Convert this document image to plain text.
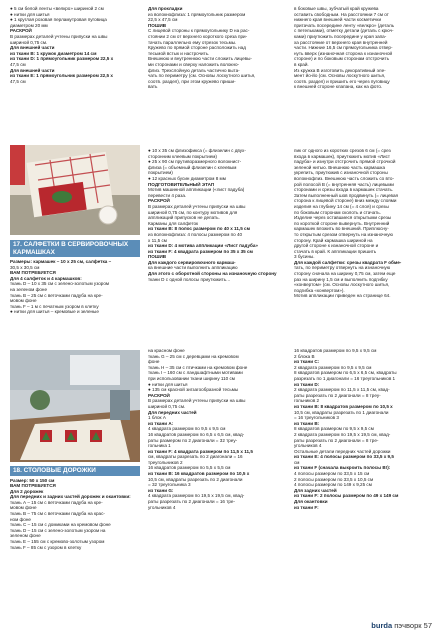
● 5 см белой ленты «велкро» шириной 2 см
● нитки для шитья
● 1 круглая розовая перламутровая пуговица
диаметром 20 мм
РАСКРОЙ
В размерах деталей учтены припуски на швы
шириной 0,75 см.
Для внешней части
из ткани В: 1 кружок диаметром 14 см
из ткани D: 1 прямоугольник размером 22,5 х
47,5 см
Для внешней части
из ткани E: 1 прямоугольник размером 22,5 х
47,5 см
Для прокладки
из волокнофлиза: 1 прямоугольник размером
22,5 х 47,5 см
ПОШИВ
С лицевой стороны к прямоугольнику D на рас-
стоянии 2 см от верхнего короткого среза при-
тачать параллельно ему отрезок тесьмы.
Кружево по прямой стороне расположить над
тесьмой встык и настрочить.
Внешнюю и внутреннюю части сложить лицевы-
ми сторонами и сверху наложить волокно-
флиз. Трехслойную деталь частично выта-
чать по периметру (см. Основы лоскутного шитья,
соотв. раздел), при этом кружево приши-
вать
в боковые швы, зубчатый край кружева
оставить свободным. На расстоянии 7 см от
нижнего края внешней части косметички
притачать посередине ленту «велкро» (деталь
с петельками), отметку детали (деталь с крюч-
ками) приутюжить посередине у края запа-
ха расстояние от верхнего края внутренней
части. Нижние 16,5 см прямоугольника отвер-
нуть вверх (изнаночная сторона к изнаночной
стороне) и по боковым сторонам отстрочить
в край.
Из кружка В изготовить декоративный эле-
мент йо-йо (см. Основы лоскутного шитья,
соотв. раздел) и пришить его через пуговицу
к внешней стороне клапана, как на фото.
● 10 х 35 см флизофикса (= флизелин с двух-
сторонним клеевым покрытием)
● 25 х 90 см прутиворазмерного волокнист-
флиза (= объемный флизелин с клеевым
покрытием)
● 12 красных бусин диаметром 8 мм
ПОДГОТОВИТЕЛЬНЫЙ ЭТАП
Мотив машинной аппликации («лист падуба)
перевести 4 раза.
РАСКРОЙ
В размерах деталей учтены припуски на швы
шириной 0,75 см, по контуру мотивов для
аппликаций припусков не делать.
Карманы для салфеток
из ткани В: 8 полос размером по 40 х 11,5 см
из волокнофлиза: 4 полосы размером по 40
х 11,5 см
из ткани D: 4 мотива аппликации «Лист падуба»
из ткани F: 4 квадрата размером по 35 х 35 см
ПОШИВ
Для каждого сервировочного кармаш-
ка внешние части выполнить аппликацию
Для этого с оборотной стороны на изнаночную сторону
ткани D с одной полосы приутюжить…
пик от одного из коротких срезов 6 см (= срез
входа в кармашек), приутюжить мотив «Лист
падуба» и изнутри отстрочить прямой строчкой
зеленой нитью. Внешнюю часть кармашка
укрепить, приутюжив с изнаночной стороны
волокнофлиз. Внешнюю часть сложить со вто-
рой полосой В (= внутренняя часть) лицевыми
сторонами и срезы входа в кармашек стачать.
Затем выполненный шов продвинуть (= лицевая
сторона к лицевой стороне) вниз между слоями
изделия на глубину 14 см (= 4 слоя) и срезы
по боковым сторонам сколоть и стачать.
Изделие через оставшиеся открытыми срезы
по короткой стороне вывернуть. Внутренний
кармашек вложить во внешний. Приплюсну-
то открытым срезом отвернуть на изнаночную
сторону. Край кармашка шириной на
другой стороне к изнаночной стороне и
стачать в край. К аппликации пришить
3 бусины.
Для каждой салфетки: срезы квадрата F обме-
тать, по периметру отвернуть на изнаночную
сторону сначала на ширину 0,75 см, затем еще
раз на ширину 1,5 см и выполнить подгибку
«конвертом» (см. Основы лоскутного шитья,
подгибка «конвертом»).
Мотив аппликации приведен на странице 64.
17. САЛФЕТКИ В СЕРВИРОВОЧНЫХ КАРМАШКАХ
Размеры: кармашек – 10 х 25 см, салфетка –
30,5 х 30,5 см
ВАМ ПОТРЕБУЕТСЯ
Для 4 салфеток и 4 кармашков:
ткань D – 10 х 35 см с зелено-золотым узором
на зеленом фоне
ткань В – 25 см с веточками падуба на кре-
мовом фоне
ткань F – 1 м с печатным узором в клетку
● нитки для шитья – кремовые и зеленые
18. СТОЛОВЫЕ ДОРОЖКИ
Размер: 50 х 150 см
ВАМ ПОТРЕБУЕТСЯ
Для 2 дорожек
Для передних и задних частей дорожек и окантовки:
ткань А – 15 см с веточками падуба на кре-
мовом фоне
ткань В – 75 см с веточками падуба на крас-
ном фоне
ткань С – 15 см с домиками на кремовом фоне
ткань D – 15 см с зелено-золотым узором на
зеленом фоне
ткань Е – 155 см с кремово-золотым узором
ткань F – 85 см с узором в клетку
на красном фоне
ткань G – 25 см с деревцами на кремовом
фоне
ткань H – 35 см с птичками на кремовом фоне
ткань I – 160 см с ландшафтными мотивами
при использовании ткани ширину 110 см
● нитки для шитья
● 135 см красной зигзагообразной тесьмы
РАСКРОЙ
В размерах деталей учтены припуски на швы
шириной 0,75 см.
Для передних частей
1 блок А
из ткани А:
4 квадрата размером по 9,5 х 9,5 см
16 квадратов размером по 6,5 х 6,5 см, квад-
раты размером по 2 диагонали = 32 треу-
гольника 1
из ткани F: 4 квадрата размером по 11,5 х 11,5
см, квадраты разрезать по 2 диагонали = 16
треугольников 2
16 квадратов размером по 5,5 х 5,5 см
из ткани В: 16 квадратов размером по 10,5 х
10,5 см, квадраты разрезать по 2 диагонали
= 32 треугольника 3
из ткани G:
4 квадрата размером по 19,5 х 19,5 см, квад-
раты разрезать по 2 диагонали = 16 тре-
угольников 4
16 квадратов размером по 9,5 х 9,5 см
2 блока B
из ткани С:
2 квадрата размером по 9,5 х 9,5 см
8 квадратов размером по 6,5 х 6,5 см, квадраты
разрезать по 1 диагонали = 16 треугольников 1
из ткани D:
2 квадрата размером по 11,5 х 11,5 см, квад-
раты разрезать по 2 диагонали = 8 треу-
гольников 2
из ткани В: 8 квадратов размером по 10,5 х
10,5 см, квадраты разрезать по 1 диагонали
= 16 треугольников 3
из ткани В:
8 квадратов размером по 9,5 х 9,5 см
2 квадрата размером по 19,5 х 19,5 см, квад-
раты разрезать по 2 диагонали = 8 тре-
угольников 4
Остальные детали передних частей дорожки
из ткани Е: 4 полосы размером по 33,5 х 9,5
см
из ткани F (сначала выкроить полосы B!):
4 полосы размером по 33,5 х 15 см
2 полосы размером по 33,5 х 10,5 см
4 полосы размером по 149 х 9,25 см
Для задних частей
из ткани F: 2 полосы размером по 49 х 149 см
Для окантовки
из ткани F:
burda пэчворк 57
